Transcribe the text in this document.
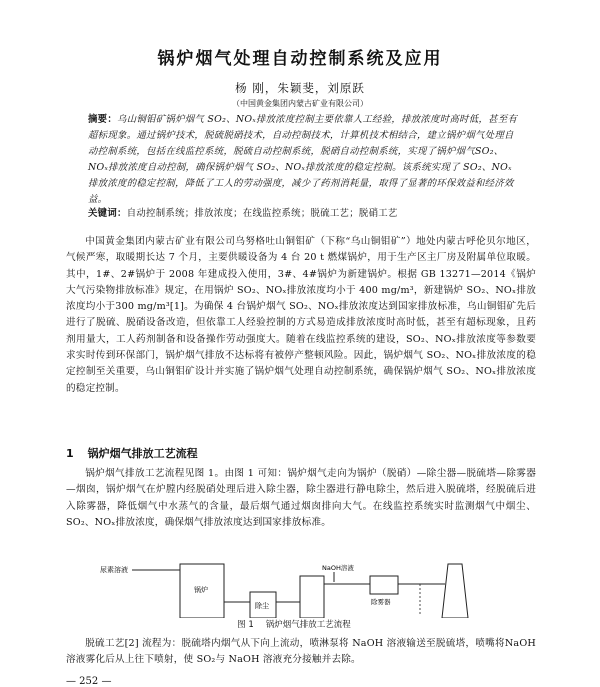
锅炉烟气处理自动控制系统及应用
杨 刚，朱颖斐，刘原跃
（中国黄金集团内蒙古矿业有限公司）
摘要：乌山铜钼矿锅炉烟气 SO₂、NOₓ排放浓度控制主要依靠人工经验，排放浓度时高时低，甚至有超标现象。通过锅炉技术，脱硫脱硝技术，自动控制技术，计算机技术相结合，建立锅炉烟气处理自动控制系统，包括在线监控系统，脱硫自动控制系统，脱硝自动控制系统，实现了锅炉烟气SO₂、NOₓ排放浓度自动控制，确保锅炉烟气 SO₂、NOₓ排放浓度的稳定控制。该系统实现了 SO₂、NOₓ排放浓度的稳定控制，降低了工人的劳动强度，减少了药剂消耗量，取得了显著的环保效益和经济效益。
关键词：自动控制系统；排放浓度；在线监控系统；脱硫工艺；脱硝工艺
中国黄金集团内蒙古矿业有限公司乌努格吐山铜钼矿（下称“乌山铜钼矿”）地处内蒙古呼伦贝尔地区，气候严寒，取暖期长达 7 个月，主要供暖设备为 4 台 20 t 燃煤锅炉，用于生产区主厂房及附属单位取暖。其中，1#、2#锅炉于 2008 年建成投入使用，3#、4#锅炉为新建锅炉。根据 GB 13271—2014《锅炉大气污染物排放标准》规定，在用锅炉 SO₂、NOₓ排放浓度均小于 400 mg/m³，新建锅炉 SO₂、NOₓ排放浓度均小于300 mg/m³[1]。为确保 4 台锅炉烟气 SO₂、NOₓ排放浓度达到国家排放标准，乌山铜钼矿先后进行了脱硫、脱硝设备改造，但依靠工人经验控制的方式易造成排放浓度时高时低，甚至有超标现象，且药剂用量大，工人药剂制备和设备操作劳动强度大。随着在线监控系统的建设，SO₂、NOₓ排放浓度等参数要求实时传到环保部门，锅炉烟气排放不达标将有被停产整顿风险。因此，锅炉烟气 SO₂、NOₓ排放浓度的稳定控制至关重要，乌山铜钼矿设计并实施了锅炉烟气处理自动控制系统，确保锅炉烟气 SO₂、NOₓ排放浓度的稳定控制。
1 锅炉烟气排放工艺流程
锅炉烟气排放工艺流程见图 1。由图 1 可知：锅炉烟气走向为锅炉（脱硝）—除尘器—脱硫塔—除雾器—烟囱，锅炉烟气在炉膛内经脱硝处理后进入除尘器，除尘器进行静电除尘，然后进入脱硫塔，经脱硫后进入除雾器，降低烟气中水蒸气的含量，最后烟气通过烟囱排向大气。在线监控系统实时监测烟气中烟尘、SO₂、NOₓ排放浓度，确保烟气排放浓度达到国家排放标准。
尿素溶液
锅炉
NaOH溶液
除尘	除雾器
图 1 锅炉烟气排放工艺流程
脱硫工艺[2] 流程为：脱硫塔内烟气从下向上流动，喷淋泵将 NaOH 溶液输送至脱硫塔，喷嘴将NaOH 溶液雾化后从上往下喷射，使 SO₂与 NaOH 溶液充分接触并去除。
— 252 —
